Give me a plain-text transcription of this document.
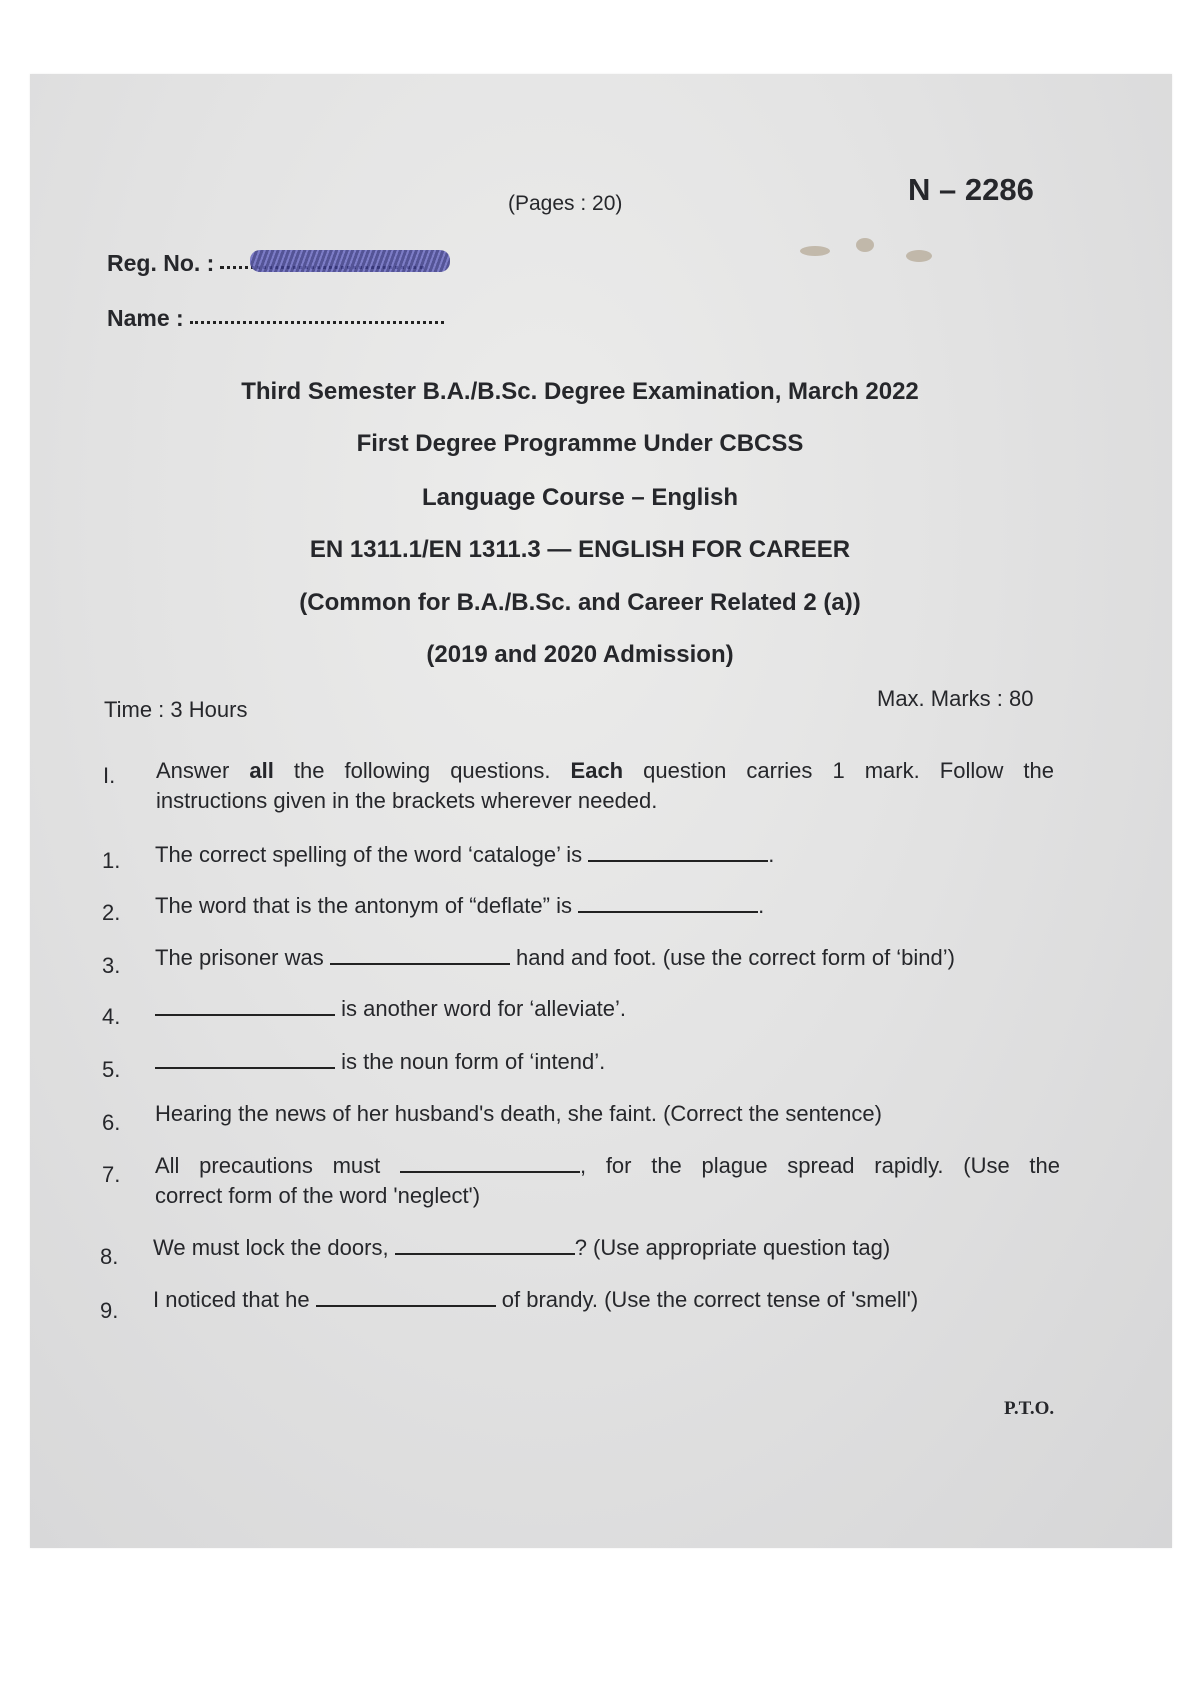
(Pages : 20)	N – 2286
Reg. No. :
Name :
Third Semester B.A./B.Sc. Degree Examination, March 2022
First Degree Programme Under CBCSS
Language Course – English
EN 1311.1/EN 1311.3 — ENGLISH FOR CAREER
(Common for B.A./B.Sc. and Career Related 2 (a))
(2019 and 2020 Admission)
Time : 3 Hours	Max. Marks : 80
I. Answer all the following questions. Each question carries 1 mark. Follow the
instructions given in the brackets wherever needed.
1. The correct spelling of the word ‘cataloge’ is	.
2. The word that is the antonym of “deflate” is	.
3. The prisoner was	hand and foot. (use the correct form of ‘bind’)
4.	is another word for ‘alleviate’.
5.	is the noun form of ‘intend’.
6. Hearing the news of her husband's death, she faint. (Correct the sentence)
7. All precautions must	, for the plague spread rapidly. (Use the
correct form of the word 'neglect')
8. We must lock the doors,	? (Use appropriate question tag)
9. I noticed that he	of brandy. (Use the correct tense of 'smell')
P.T.O.
